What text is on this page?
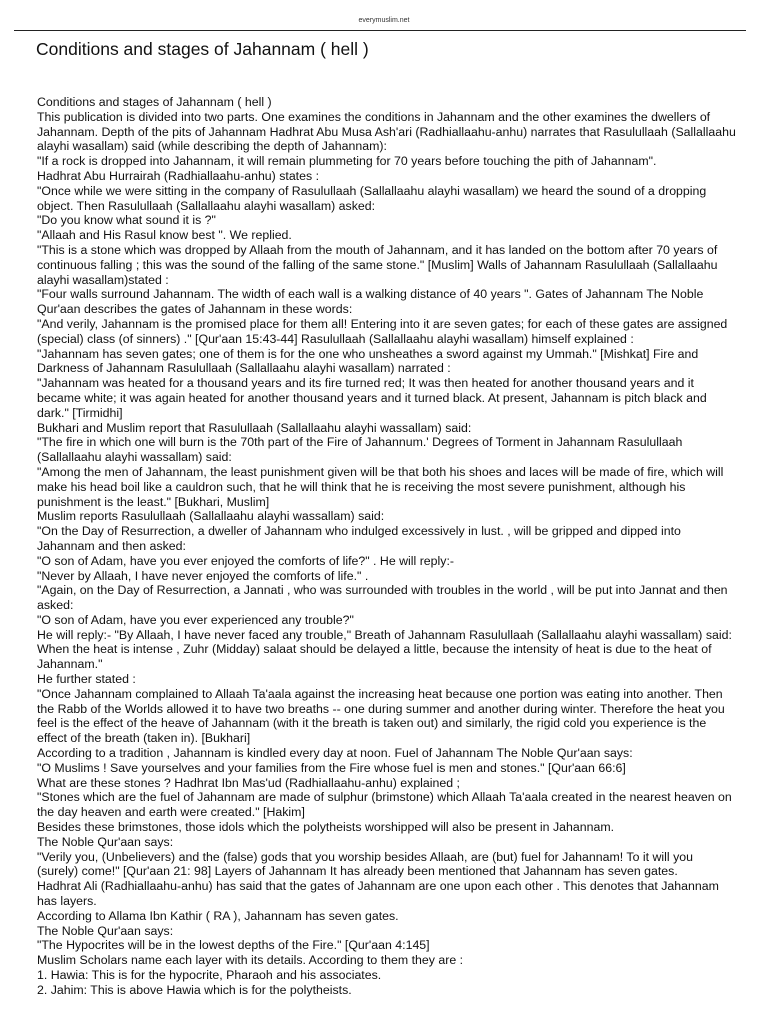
everymuslim.net
Conditions and stages of Jahannam ( hell )

Conditions and stages of Jahannam ( hell )

This publication is divided into two parts. One examines the conditions in Jahannam and the other examines the dwellers of Jahannam. Depth of the pits of Jahannam Hadhrat Abu Musa Ash'ari (Radhiallaahu-anhu) narrates that Rasulullaah (Sallallaahu alayhi wasallam) said (while describing the depth of Jahannam):

"If a rock is dropped into Jahannam, it will remain plummeting for 70 years before touching the pith of Jahannam".

Hadhrat Abu Hurrairah (Radhiallaahu-anhu) states :

"Once while we were sitting in the company of Rasulullaah (Sallallaahu alayhi wasallam) we heard the sound of a dropping object. Then Rasulullaah (Sallallaahu alayhi wasallam) asked:

"Do you know what sound it is ?"

"Allaah and His Rasul know best ". We replied.

"This is a stone which was dropped by Allaah from the mouth of Jahannam, and it has landed on the bottom after 70 years of continuous falling ; this was the sound of the falling of the same stone." [Muslim] Walls of Jahannam Rasulullaah (Sallallaahu alayhi wasallam)stated :

"Four walls surround Jahannam. The width of each wall is a walking distance of 40 years ". Gates of Jahannam The Noble Qur'aan describes the gates of Jahannam in these words:

"And verily, Jahannam is the promised place for them all! Entering into it are seven gates; for each of these gates are assigned (special) class (of sinners) ." [Qur'aan 15:43-44] Rasulullaah (Sallallaahu alayhi wasallam) himself explained :

"Jahannam has seven gates; one of them is for the one who unsheathes a sword against my Ummah." [Mishkat] Fire and Darkness of Jahannam Rasulullaah (Sallallaahu alayhi wasallam) narrated :

"Jahannam was heated for a thousand years and its fire turned red; It was then heated for another thousand years and it became white; it was again heated for another thousand years and it turned black. At present, Jahannam is pitch black and dark." [Tirmidhi]

Bukhari and Muslim report that Rasulullaah (Sallallaahu alayhi wassallam) said:

"The fire in which one will burn is the 70th part of the Fire of Jahannum.' Degrees of Torment in Jahannam Rasulullaah (Sallallaahu alayhi wassallam) said:

"Among the men of Jahannam, the least punishment given will be that both his shoes and laces will be made of fire, which will make his head boil like a cauldron such, that he will think that he is receiving the most severe punishment, although his punishment is the least." [Bukhari, Muslim]

Muslim reports Rasulullaah (Sallallaahu alayhi wassallam) said:

"On the Day of Resurrection, a dweller of Jahannam who indulged excessively in lust. , will be gripped and dipped into Jahannam and then asked:

"O son of Adam, have you ever enjoyed the comforts of life?" . He will reply:-

"Never by Allaah, I have never enjoyed the comforts of life." .

"Again, on the Day of Resurrection, a Jannati , who was surrounded with troubles in the world , will be put into Jannat and then asked:

"O son of Adam, have you ever experienced any trouble?"

He will reply:- "By Allaah, I have never faced any trouble," Breath of Jahannam Rasulullaah (Sallallaahu alayhi wassallam) said:

When the heat is intense , Zuhr (Midday) salaat should be delayed a little, because the intensity of heat is due to the heat of Jahannam."

He further stated :

"Once Jahannam complained to Allaah Ta'aala against the increasing heat because one portion was eating into another. Then the Rabb of the Worlds allowed it to have two breaths -- one during summer and another during winter. Therefore the heat you feel is the effect of the heave of Jahannam (with it the breath is taken out) and similarly, the rigid cold you experience is the effect of the breath (taken in). [Bukhari]

According to a tradition , Jahannam is kindled every day at noon. Fuel of Jahannam The Noble Qur'aan says:

"O Muslims ! Save yourselves and your families from the Fire whose fuel is men and stones." [Qur'aan 66:6]

What are these stones ? Hadhrat Ibn Mas'ud (Radhiallaahu-anhu) explained ;

"Stones which are the fuel of Jahannam are made of sulphur (brimstone) which Allaah Ta'aala created in the nearest heaven on the day heaven and earth were created." [Hakim]

Besides these brimstones, those idols which the polytheists worshipped will also be present in Jahannam.

The Noble Qur'aan says:

"Verily you, (Unbelievers) and the (false) gods that you worship besides Allaah, are (but) fuel for Jahannam! To it will you (surely) come!" [Qur'aan 21: 98] Layers of Jahannam It has already been mentioned that Jahannam has seven gates.

Hadhrat Ali (Radhiallaahu-anhu) has said that the gates of Jahannam are one upon each other . This denotes that Jahannam has layers.

According to Allama Ibn Kathir ( RA ), Jahannam has seven gates.

The Noble Qur'aan says:

"The Hypocrites will be in the lowest depths of the Fire." [Qur'aan 4:145]

Muslim Scholars name each layer with its details. According to them they are :

1. Hawia: This is for the hypocrite, Pharaoh and his associates.

2. Jahim: This is above Hawia which is for the polytheists.
